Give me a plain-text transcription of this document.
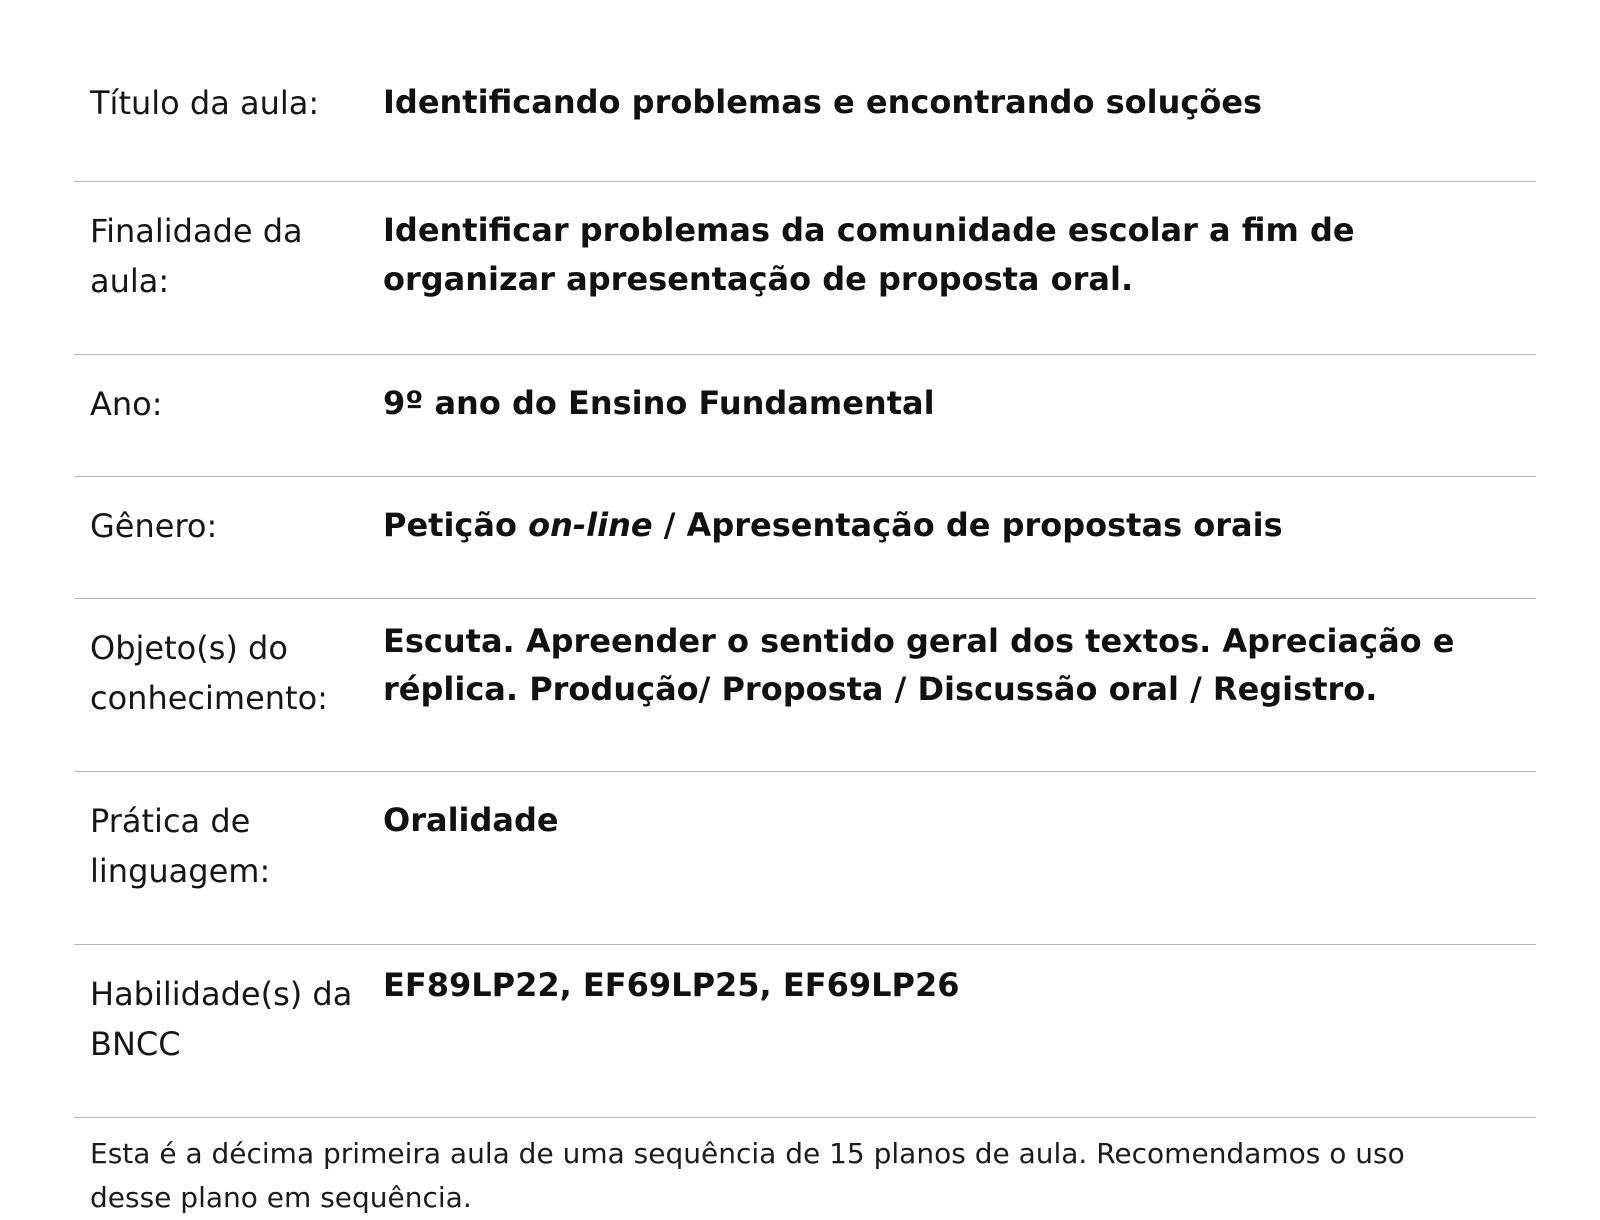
Título da aula:	Identificando problemas e encontrando soluções
Finalidade da aula:	Identificar problemas da comunidade escolar a fim de organizar apresentação de proposta oral.
Ano:	9º ano do Ensino Fundamental
Gênero:	Petição on-line / Apresentação de propostas orais
Objeto(s) do conhecimento:	Escuta. Apreender o sentido geral dos textos. Apreciação e réplica. Produção/ Proposta / Discussão oral / Registro.
Prática de linguagem:	Oralidade
Habilidade(s) da BNCC	EF89LP22, EF69LP25, EF69LP26
Esta é a décima primeira aula de uma sequência de 15 planos de aula. Recomendamos o uso desse plano em sequência.
